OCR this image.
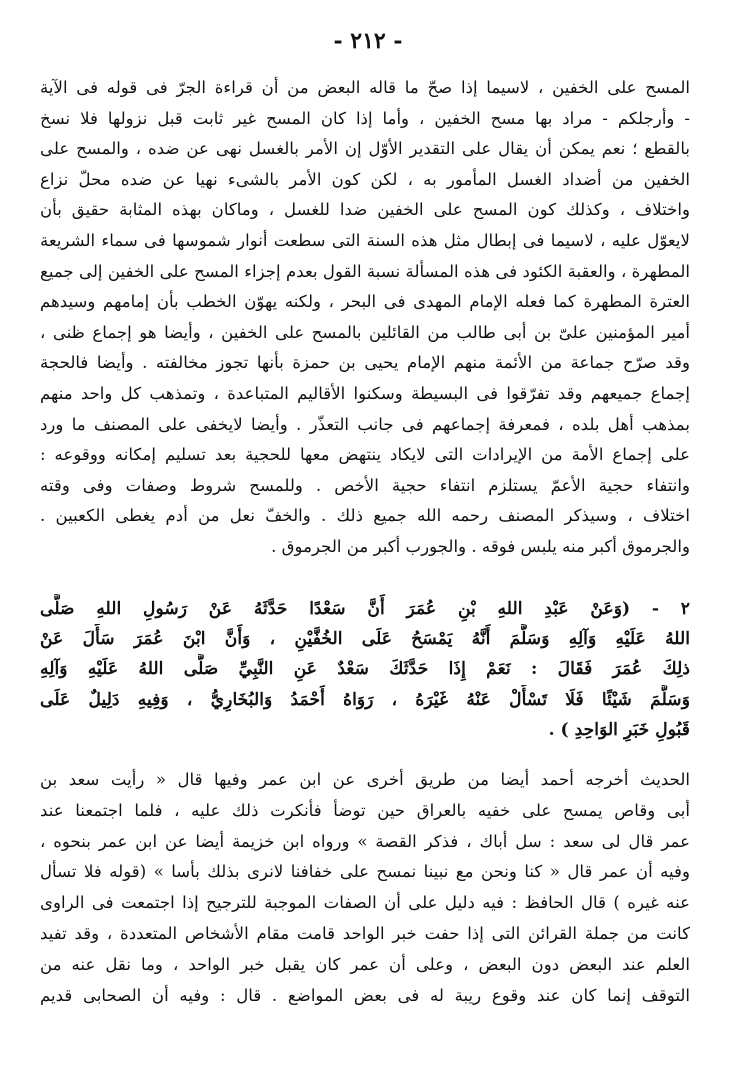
- ٢١٢ -
المسح على الخفين ، لاسيما إذا صحّ ما قاله البعض من أن قراءة الجرّ فى قوله فى الآية
- وأرجلكم - مراد بها مسح الخفين ، وأما إذا كان المسح غير ثابت قبل نزولها فلا نسخ
بالقطع ؛ نعم يمكن أن يقال على التقدير الأوّل إن الأمر بالغسل نهى عن ضده ، والمسح على
الخفين من أضداد الغسل المأمور به ، لكن كون الأمر بالشىء نهيا عن ضده محلّ نزاع
واختلاف ، وكذلك كون المسح على الخفين ضدا للغسل ، وماكان بهذه المثابة حقيق بأن
لايعوّل عليه ، لاسيما فى إبطال مثل هذه السنة التى سطعت أنوار شموسها فى سماء الشريعة
المطهرة ، والعقبة الكئود فى هذه المسألة نسبة القول بعدم إجزاء المسح على الخفين إلى جميع
العترة المطهرة كما فعله الإمام المهدى فى البحر ، ولكنه يهوّن الخطب بأن إمامهم وسيدهم
أمير المؤمنين علىّ بن أبى طالب من القائلين بالمسح على الخفين ، وأيضا هو إجماع ظنى ،
وقد صرّح جماعة من الأئمة منهم الإمام يحيى بن حمزة بأنها تجوز مخالفته . وأيضا فالحجة
إجماع جميعهم وقد تفرّقوا فى البسيطة وسكنوا الأقاليم المتباعدة ، وتمذهب كل واحد منهم
بمذهب أهل بلده ، فمعرفة إجماعهم فى جانب التعذّر . وأيضا لايخفى على المصنف ما ورد
على إجماع الأمة من الإيرادات التى لايكاد ينتهض معها للحجية بعد تسليم إمكانه ووقوعه :
وانتفاء حجية الأعمّ يستلزم انتفاء حجية الأخص . وللمسح شروط وصفات وفى وقته
اختلاف ، وسيذكر المصنف رحمه الله جميع ذلك . والخفّ نعل من أدم يغطى الكعبين .
والجرموق أكبر منه يلبس فوقه . والجورب أكبر من الجرموق .
٢ - (وَعَنْ عَبْدِ اللهِ بْنِ عُمَرَ أَنَّ سَعْدًا حَدَّثَهُ عَنْ رَسُولِ اللهِ صَلَّى
اللهُ عَلَيْهِ وَآلِهِ وَسَلَّمَ أَنَّهُ يَمْسَحُ عَلَى الخُفَّيْنِ ، وَأَنَّ ابْنَ عُمَرَ سَأَلَ عَنْ
ذلِكَ عُمَرَ فَقَالَ : نَعَمْ إِذَا حَدَّثَكَ سَعْدٌ عَنِ النَّبِيِّ صَلَّى اللهُ عَلَيْهِ وَآلِهِ
وَسَلَّمَ شَيْئًا فَلَا تَسْأَلْ عَنْهُ غَيْرَهُ ، رَوَاهُ أَحْمَدُ وَالبُخَارِيُّ ، وَفِيهِ دَلِيلٌ عَلَى
قَبُولِ خَبَرِ الوَاحِدِ ) .
الحديث أخرجه أحمد أيضا من طريق أخرى عن ابن عمر وفيها قال « رأيت سعد بن
أبى وقاص يمسح على خفيه بالعراق حين توضأ فأنكرت ذلك عليه ، فلما اجتمعنا عند
عمر قال لى سعد : سل أباك ، فذكر القصة » ورواه ابن خزيمة أيضا عن ابن عمر بنحوه ،
وفيه أن عمر قال « كنا ونحن مع نبينا نمسح على خفافنا لانرى بذلك بأسا » (قوله فلا تسأل
عنه غيره ) قال الحافظ : فيه دليل على أن الصفات الموجبة للترجيح إذا اجتمعت فى الراوى
كانت من جملة القرائن التى إذا حفت خبر الواحد قامت مقام الأشخاص المتعددة ، وقد تفيد
العلم عند البعض دون البعض ، وعلى أن عمر كان يقبل خبر الواحد ، وما نقل عنه من
التوقف إنما كان عند وقوع ريبة له فى بعض المواضع . قال : وفيه أن الصحابى قديم
